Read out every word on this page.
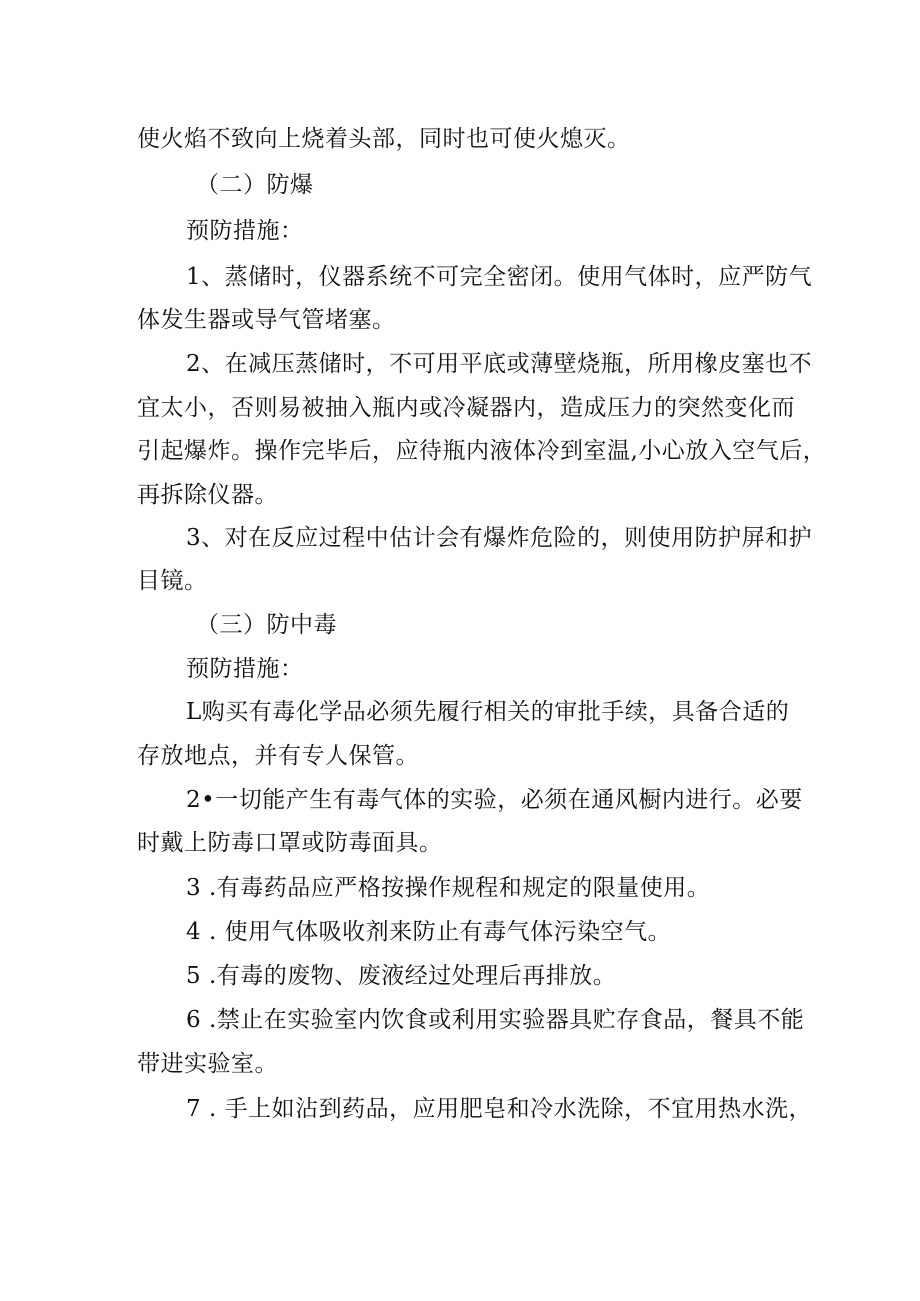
使火焰不致向上烧着头部，同时也可使火熄灭。
（二）防爆
预防措施：
1、蒸储时，仪器系统不可完全密闭。使用气体时，应严防气
体发生器或导气管堵塞。
2、在减压蒸储时，不可用平底或薄壁烧瓶，所用橡皮塞也不
宜太小，否则易被抽入瓶内或冷凝器内，造成压力的突然变化而
引起爆炸。操作完毕后，应待瓶内液体冷到室温,小心放入空气后，
再拆除仪器。
3、对在反应过程中估计会有爆炸危险的，则使用防护屏和护
目镜。
（三）防中毒
预防措施：
L购买有毒化学品必须先履行相关的审批手续，具备合适的
存放地点，并有专人保管。
2•一切能产生有毒气体的实验，必须在通风橱内进行。必要
时戴上防毒口罩或防毒面具。
3 .有毒药品应严格按操作规程和规定的限量使用。
4 . 使用气体吸收剂来防止有毒气体污染空气。
5 .有毒的废物、废液经过处理后再排放。
6 .禁止在实验室内饮食或利用实验器具贮存食品，餐具不能
带进实验室。
7 . 手上如沾到药品，应用肥皂和冷水洗除，不宜用热水洗，
